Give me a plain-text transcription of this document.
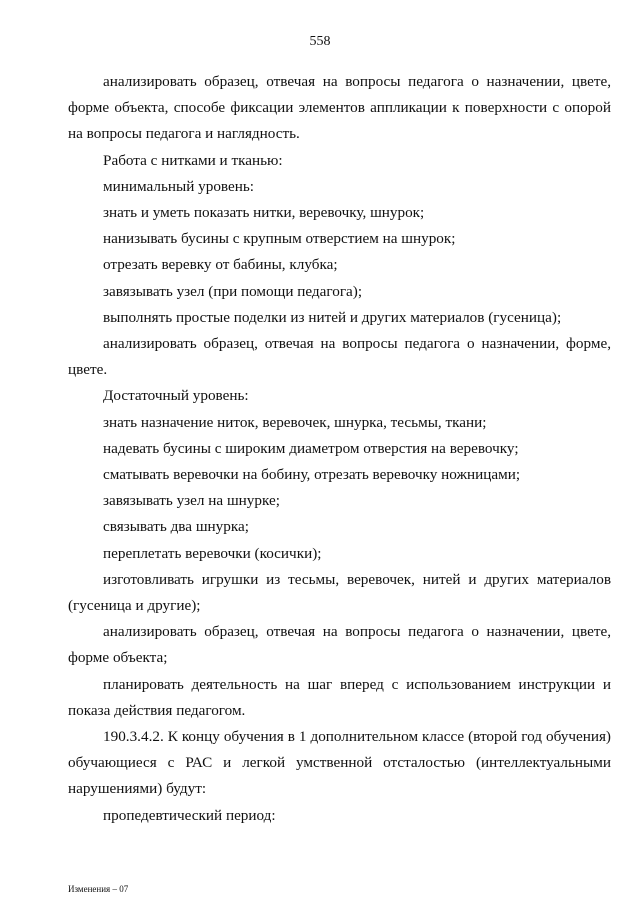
558

анализировать образец, отвечая на вопросы педагога о назначении, цвете, форме объекта, способе фиксации элементов аппликации к поверхности с опорой на вопросы педагога и наглядность.

Работа с нитками и тканью:

минимальный уровень:

знать и уметь показать нитки, веревочку, шнурок;

нанизывать бусины с крупным отверстием на шнурок;

отрезать веревку от бабины, клубка;

завязывать узел (при помощи педагога);

выполнять простые поделки из нитей и других материалов (гусеница);

анализировать образец, отвечая на вопросы педагога о назначении, форме, цвете.

Достаточный уровень:

знать назначение ниток, веревочек, шнурка, тесьмы, ткани;

надевать бусины с широким диаметром отверстия на веревочку;

сматывать веревочки на бобину, отрезать веревочку ножницами;

завязывать узел на шнурке;

связывать два шнурка;

переплетать веревочки (косички);

изготовливать игрушки из тесьмы, веревочек, нитей и других материалов (гусеница и другие);

анализировать образец, отвечая на вопросы педагога о назначении, цвете, форме объекта;

планировать деятельность на шаг вперед с использованием инструкции и показа действия педагогом.

190.3.4.2. К концу обучения в 1 дополнительном классе (второй год обучения) обучающиеся с РАС и легкой умственной отсталостью (интеллектуальными нарушениями) будут:

пропедевтический период:

Изменения – 07
